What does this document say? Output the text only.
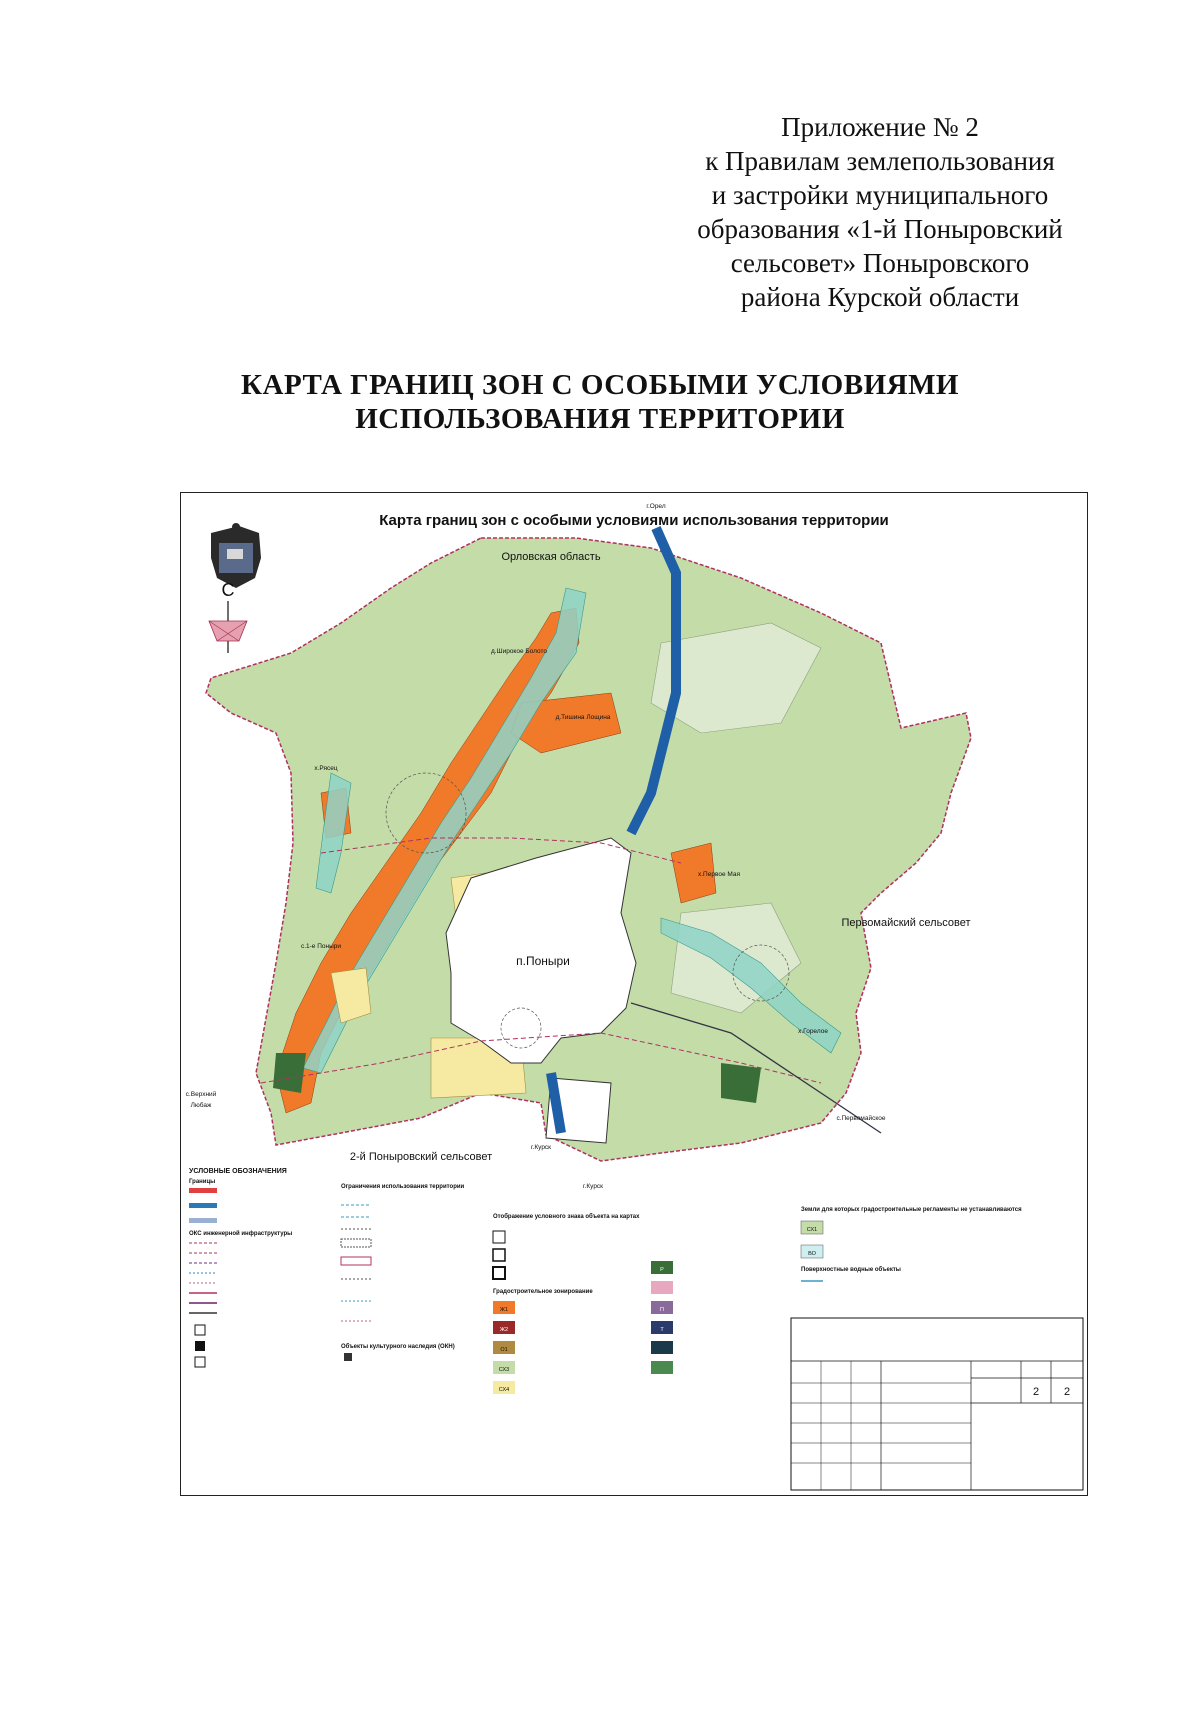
Приложение № 2
к Правилам землепользования
и застройки муниципального
образования «1-й Поныровский
сельсовет» Поныровского
района Курской области
КАРТА ГРАНИЦ ЗОН С ОСОБЫМИ УСЛОВИЯМИ
ИСПОЛЬЗОВАНИЯ ТЕРРИТОРИИ
Карта границ зон с особыми условиями использования территории
С
Орловская область
Первомайский сельсовет
2-й Поныровский сельсовет
п.Поныри
д.Широкое Болото
д.Тишина Лощина
х.Рясец
х.Первое Мая
с.1-е Поныри
х.Горелое
г.Орел
г.Курск
г.Курск
с.Верхний
Любаж
с.Первомайское
УСЛОВНЫЕ ОБОЗНАЧЕНИЯ
Границы
ОКС инженерной инфраструктуры
Ограничения использования территории
Объекты культурного наследия (ОКН)
Отображение условного знака объекта на картах
Градостроительное зонирование
Ж1
Ж2
О1
СХ3
СХ4
Р
П
Т
Земли для которых градостроительные регламенты не устанавливаются
СХ1
ВО
Поверхностные водные объекты
2 2
